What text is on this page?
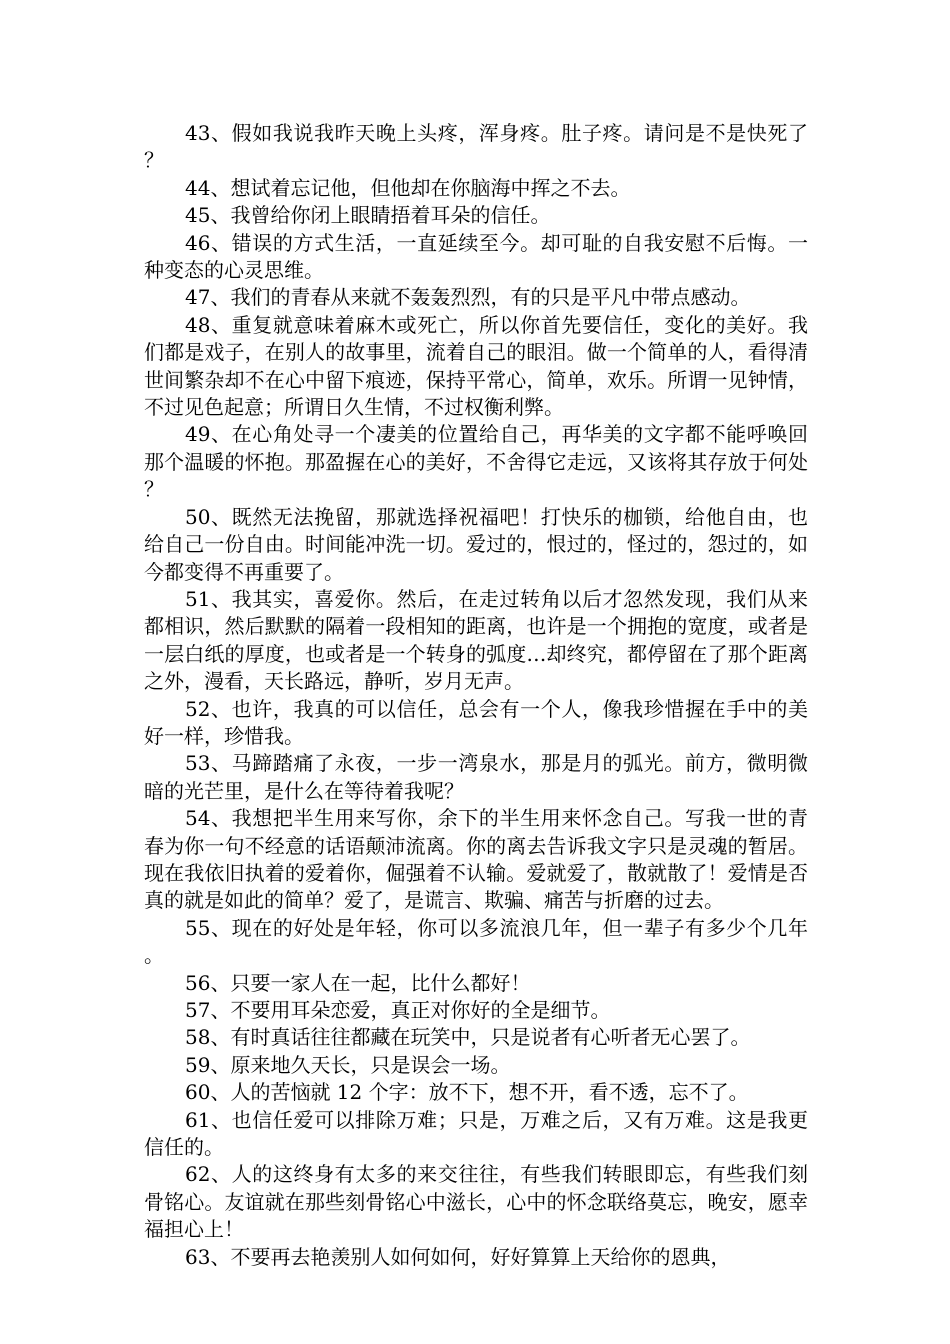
43、假如我说我昨天晚上头疼，浑身疼。肚子疼。请问是不是快死了？

44、想试着忘记他，但他却在你脑海中挥之不去。

45、我曾给你闭上眼睛捂着耳朵的信任。

46、错误的方式生活，一直延续至今。却可耻的自我安慰不后悔。一种变态的心灵思维。

47、我们的青春从来就不轰轰烈烈，有的只是平凡中带点感动。

48、重复就意味着麻木或死亡，所以你首先要信任，变化的美好。我们都是戏子，在别人的故事里，流着自己的眼泪。做一个简单的人，看得清世间繁杂却不在心中留下痕迹，保持平常心，简单，欢乐。所谓一见钟情，不过见色起意；所谓日久生情，不过权衡利弊。

49、在心角处寻一个凄美的位置给自己，再华美的文字都不能呼唤回那个温暖的怀抱。那盈握在心的美好，不舍得它走远，又该将其存放于何处？

50、既然无法挽留，那就选择祝福吧！打快乐的枷锁，给他自由，也给自己一份自由。时间能冲洗一切。爱过的，恨过的，怪过的，怨过的，如今都变得不再重要了。

51、我其实，喜爱你。然后，在走过转角以后才忽然发现，我们从来都相识，然后默默的隔着一段相知的距离，也许是一个拥抱的宽度，或者是一层白纸的厚度，也或者是一个转身的弧度…却终究，都停留在了那个距离之外，漫看，天长路远，静听，岁月无声。

52、也许，我真的可以信任，总会有一个人，像我珍惜握在手中的美好一样，珍惜我。

53、马蹄踏痛了永夜，一步一湾泉水，那是月的弧光。前方，微明微暗的光芒里，是什么在等待着我呢？

54、我想把半生用来写你，余下的半生用来怀念自己。写我一世的青春为你一句不经意的话语颠沛流离。你的离去告诉我文字只是灵魂的暂居。现在我依旧执着的爱着你，倔强着不认输。爱就爱了，散就散了！爱情是否真的就是如此的简单？爱了，是谎言、欺骗、痛苦与折磨的过去。

55、现在的好处是年轻，你可以多流浪几年，但一辈子有多少个几年。

56、只要一家人在一起，比什么都好！

57、不要用耳朵恋爱，真正对你好的全是细节。

58、有时真话往往都藏在玩笑中，只是说者有心听者无心罢了。

59、原来地久天长，只是误会一场。

60、人的苦恼就 12 个字：放不下，想不开，看不透，忘不了。

61、也信任爱可以排除万难；只是，万难之后，又有万难。这是我更信任的。

62、人的这终身有太多的来交往往，有些我们转眼即忘，有些我们刻骨铭心。友谊就在那些刻骨铭心中滋长，心中的怀念联络莫忘，晚安，愿幸福担心上！

63、不要再去艳羡别人如何如何，好好算算上天给你的恩典，
